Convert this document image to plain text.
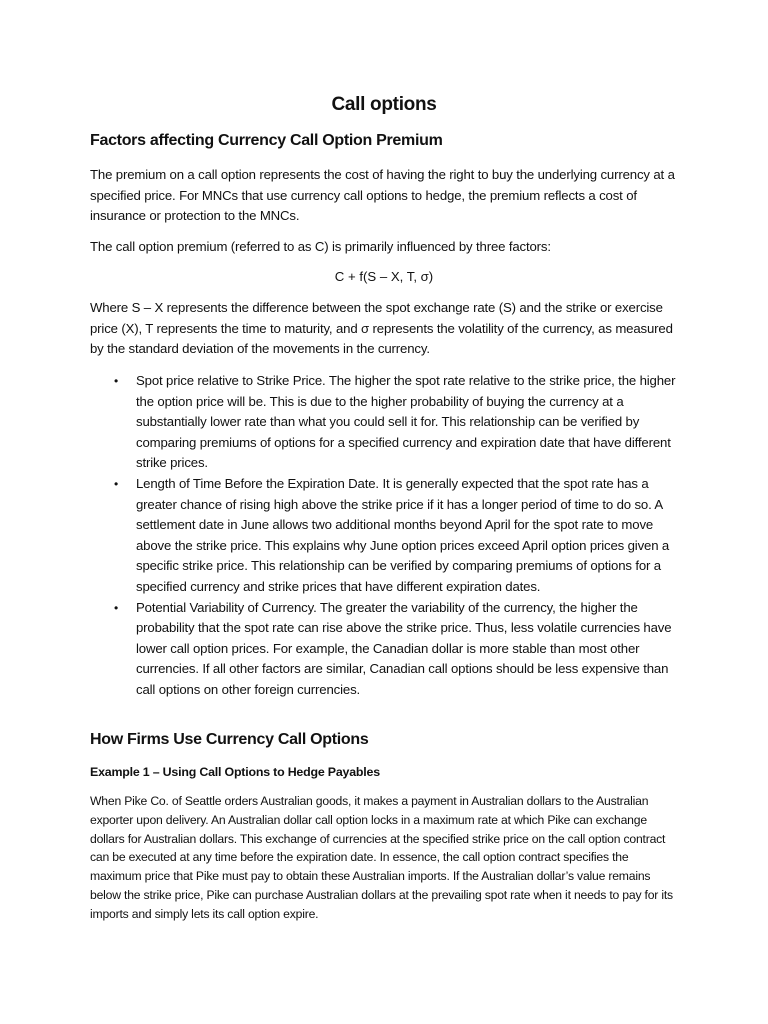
Call options
Factors affecting Currency Call Option Premium

The premium on a call option represents the cost of having the right to buy the underlying currency at a specified price. For MNCs that use currency call options to hedge, the premium reflects a cost of insurance or protection to the MNCs.

The call option premium (referred to as C) is primarily influenced by three factors:

C + f(S – X, T, σ)

Where S – X represents the difference between the spot exchange rate (S) and the strike or exercise price (X), T represents the time to maturity, and σ represents the volatility of the currency, as measured by the standard deviation of the movements in the currency.

• Spot price relative to Strike Price. The higher the spot rate relative to the strike price, the higher the option price will be. This is due to the higher probability of buying the currency at a substantially lower rate than what you could sell it for. This relationship can be verified by comparing premiums of options for a specified currency and expiration date that have different strike prices.
• Length of Time Before the Expiration Date. It is generally expected that the spot rate has a greater chance of rising high above the strike price if it has a longer period of time to do so. A settlement date in June allows two additional months beyond April for the spot rate to move above the strike price. This explains why June option prices exceed April option prices given a specific strike price. This relationship can be verified by comparing premiums of options for a specified currency and strike prices that have different expiration dates.
• Potential Variability of Currency. The greater the variability of the currency, the higher the probability that the spot rate can rise above the strike price. Thus, less volatile currencies have lower call option prices. For example, the Canadian dollar is more stable than most other currencies. If all other factors are similar, Canadian call options should be less expensive than call options on other foreign currencies.
How Firms Use Currency Call Options
Example 1 – Using Call Options to Hedge Payables

When Pike Co. of Seattle orders Australian goods, it makes a payment in Australian dollars to the Australian exporter upon delivery. An Australian dollar call option locks in a maximum rate at which Pike can exchange dollars for Australian dollars. This exchange of currencies at the specified strike price on the call option contract can be executed at any time before the expiration date. In essence, the call option contract specifies the maximum price that Pike must pay to obtain these Australian imports. If the Australian dollar’s value remains below the strike price, Pike can purchase Australian dollars at the prevailing spot rate when it needs to pay for its imports and simply lets its call option expire.
